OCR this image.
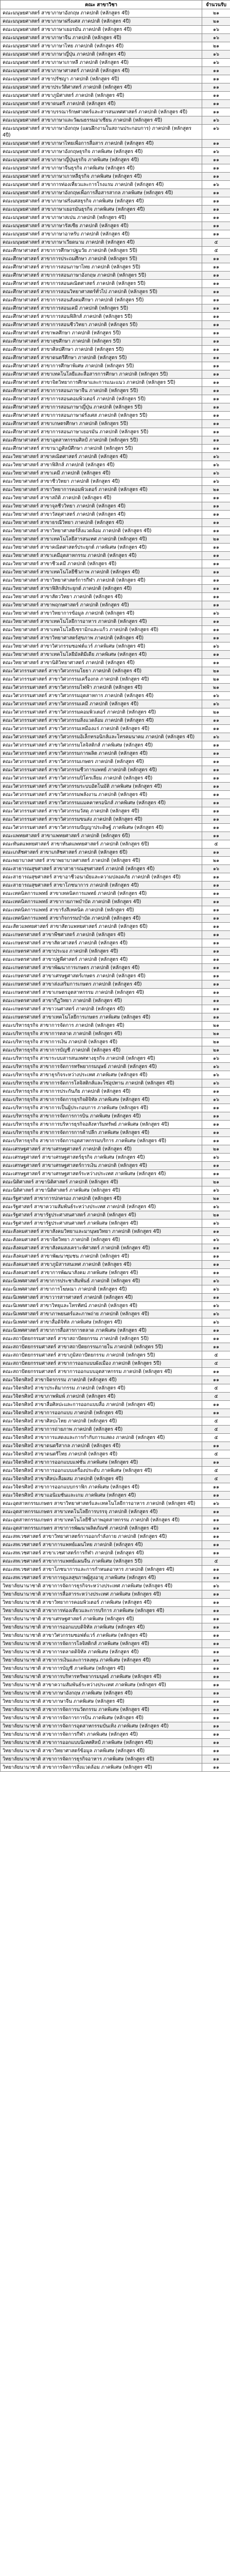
คณะ สาขาวิชา	จำนวนรับ
คณะมนุษยศาสตร์ สาขาภาษาอังกฤษ ภาคปกติ (หลักสูตร 4ปี)	๒๑
คณะมนุษยศาสตร์ สาขาภาษาฝรั่งเศส ภาคปกติ (หลักสูตร 4ปี)	๒๑
คณะมนุษยศาสตร์ สาขาภาษาเยอรมัน ภาคปกติ (หลักสูตร 4ปี)	๑๖
คณะมนุษยศาสตร์ สาขาภาษาจีน ภาคปกติ (หลักสูตร 4ปี)	๑๖
คณะมนุษยศาสตร์ สาขาภาษาไทย ภาคปกติ (หลักสูตร 4ปี)	๒๑
คณะมนุษยศาสตร์ สาขาภาษาญี่ปุ่น ภาคปกติ (หลักสูตร 4ปี)	๑๖
คณะมนุษยศาสตร์ สาขาภาษาเกาหลี ภาคปกติ (หลักสูตร 4ปี)	๑๖
คณะมนุษยศาสตร์ สาขาภาษาศาสตร์ ภาคปกติ (หลักสูตร 4ปี)	๑๑
คณะมนุษยศาสตร์ สาขาปรัชญา ภาคปกติ (หลักสูตร 4ปี)	๑๑
คณะมนุษยศาสตร์ สาขาประวัติศาสตร์ ภาคปกติ (หลักสูตร 4ปี)	๑๑
คณะมนุษยศาสตร์ สาขาภูมิศาสตร์ ภาคปกติ (หลักสูตร 4ปี)	๑๑
คณะมนุษยศาสตร์ สาขาดนตรี ภาคปกติ (หลักสูตร 4ปี)	๑๑
คณะมนุษยศาสตร์ สาขาบรรณารักษศาสตร์และสารสนเทศศาสตร์ ภาคปกติ (หลักสูตร 4ปี)	๑๑
คณะมนุษยศาสตร์ สาขาภาษาและวัฒนธรรมอาเซียน ภาคปกติ (หลักสูตร 4ปี)	๑๖
คณะมนุษยศาสตร์ สาขาภาษาอังกฤษ (แผนฝึกงานในสถานประกอบการ) ภาคปกติ (หลักสูตร 4ปี)	๑๖
คณะมนุษยศาสตร์ สาขาภาษาไทยเพื่อการสื่อสาร ภาคปกติ (หลักสูตร 4ปี)	๑๑
คณะมนุษยศาสตร์ สาขาภาษาอังกฤษธุรกิจ ภาคพิเศษ (หลักสูตร 4ปี)	๑๖
คณะมนุษยศาสตร์ สาขาภาษาญี่ปุ่นธุรกิจ ภาคพิเศษ (หลักสูตร 4ปี)	๑๑
คณะมนุษยศาสตร์ สาขาภาษาจีนธุรกิจ ภาคพิเศษ (หลักสูตร 4ปี)	๑๑
คณะมนุษยศาสตร์ สาขาภาษาเกาหลีธุรกิจ ภาคพิเศษ (หลักสูตร 4ปี)	๑๑
คณะมนุษยศาสตร์ สาขาการท่องเที่ยวและการโรงแรม ภาคปกติ (หลักสูตร 4ปี)	๑๖
คณะมนุษยศาสตร์ สาขาภาษาอังกฤษเพื่อการสื่อสารสากล ภาคพิเศษ (หลักสูตร 4ปี)	๑๑
คณะมนุษยศาสตร์ สาขาภาษาฝรั่งเศสธุรกิจ ภาคพิเศษ (หลักสูตร 4ปี)	๑๑
คณะมนุษยศาสตร์ สาขาภาษาเยอรมันธุรกิจ ภาคพิเศษ (หลักสูตร 4ปี)	๑๑
คณะมนุษยศาสตร์ สาขาภาษาสเปน ภาคปกติ (หลักสูตร 4ปี)	๑๑
คณะมนุษยศาสตร์ สาขาภาษารัสเซีย ภาคปกติ (หลักสูตร 4ปี)	๑๑
คณะมนุษยศาสตร์ สาขาภาษาอาหรับ ภาคปกติ (หลักสูตร 4ปี)	๑๑
คณะมนุษยศาสตร์ สาขาภาษาเวียดนาม ภาคปกติ (หลักสูตร 4ปี)	๕
คณะศึกษาศาสตร์ สาขาการศึกษาปฐมวัย ภาคปกติ (หลักสูตร 5ปี)	๕
คณะศึกษาศาสตร์ สาขาการประถมศึกษา ภาคปกติ (หลักสูตร 5ปี)	๑๑
คณะศึกษาศาสตร์ สาขาการสอนภาษาไทย ภาคปกติ (หลักสูตร 5ปี)	๑๑
คณะศึกษาศาสตร์ สาขาการสอนภาษาอังกฤษ ภาคปกติ (หลักสูตร 5ปี)	๑๑
คณะศึกษาศาสตร์ สาขาการสอนคณิตศาสตร์ ภาคปกติ (หลักสูตร 5ปี)	๑๑
คณะศึกษาศาสตร์ สาขาการสอนวิทยาศาสตร์ทั่วไป ภาคปกติ (หลักสูตร 5ปี)	๑๑
คณะศึกษาศาสตร์ สาขาการสอนสังคมศึกษา ภาคปกติ (หลักสูตร 5ปี)	๑๑
คณะศึกษาศาสตร์ สาขาการสอนเคมี ภาคปกติ (หลักสูตร 5ปี)	๑๑
คณะศึกษาศาสตร์ สาขาการสอนฟิสิกส์ ภาคปกติ (หลักสูตร 5ปี)	๑๑
คณะศึกษาศาสตร์ สาขาการสอนชีววิทยา ภาคปกติ (หลักสูตร 5ปี)	๑๑
คณะศึกษาศาสตร์ สาขาพลศึกษา ภาคปกติ (หลักสูตร 5ปี)	๑๑
คณะศึกษาศาสตร์ สาขาสุขศึกษา ภาคปกติ (หลักสูตร 5ปี)	๑๑
คณะศึกษาศาสตร์ สาขาศิลปศึกษา ภาคปกติ (หลักสูตร 5ปี)	๑๑
คณะศึกษาศาสตร์ สาขาดนตรีศึกษา ภาคปกติ (หลักสูตร 5ปี)	๑๑
คณะศึกษาศาสตร์ สาขาการศึกษาพิเศษ ภาคปกติ (หลักสูตร 5ปี)	๑๑
คณะศึกษาศาสตร์ สาขาเทคโนโลยีและสื่อสารการศึกษา ภาคปกติ (หลักสูตร 5ปี)	๑๑
คณะศึกษาศาสตร์ สาขาจิตวิทยาการศึกษาและการแนะแนว ภาคปกติ (หลักสูตร 5ปี)	๑๑
คณะศึกษาศาสตร์ สาขาการสอนภาษาจีน ภาคปกติ (หลักสูตร 5ปี)	๑๑
คณะศึกษาศาสตร์ สาขาการสอนคอมพิวเตอร์ ภาคปกติ (หลักสูตร 5ปี)	๑๑
คณะศึกษาศาสตร์ สาขาการสอนภาษาญี่ปุ่น ภาคปกติ (หลักสูตร 5ปี)	๑๑
คณะศึกษาศาสตร์ สาขาการสอนภาษาฝรั่งเศส ภาคปกติ (หลักสูตร 5ปี)	๑๑
คณะศึกษาศาสตร์ สาขาเกษตรศึกษา ภาคปกติ (หลักสูตร 5ปี)	๑๑
คณะศึกษาศาสตร์ สาขาการสอนภาษาเยอรมัน ภาคปกติ (หลักสูตร 5ปี)	๑๑
คณะศึกษาศาสตร์ สาขาอุตสาหกรรมศิลป์ ภาคปกติ (หลักสูตร 5ปี)	๑๑
คณะศึกษาศาสตร์ สาขานาฏศิลป์ศึกษา ภาคปกติ (หลักสูตร 5ปี)	๑๑
คณะวิทยาศาสตร์ สาขาคณิตศาสตร์ ภาคปกติ (หลักสูตร 4ปี)	๑๖
คณะวิทยาศาสตร์ สาขาฟิสิกส์ ภาคปกติ (หลักสูตร 4ปี)	๑๖
คณะวิทยาศาสตร์ สาขาเคมี ภาคปกติ (หลักสูตร 4ปี)	๑๖
คณะวิทยาศาสตร์ สาขาชีววิทยา ภาคปกติ (หลักสูตร 4ปี)	๑๖
คณะวิทยาศาสตร์ สาขาวิทยาการคอมพิวเตอร์ ภาคปกติ (หลักสูตร 4ปี)	๒๑
คณะวิทยาศาสตร์ สาขาสถิติ ภาคปกติ (หลักสูตร 4ปี)	๑๑
คณะวิทยาศาสตร์ สาขาจุลชีววิทยา ภาคปกติ (หลักสูตร 4ปี)	๑๑
คณะวิทยาศาสตร์ สาขาวัสดุศาสตร์ ภาคปกติ (หลักสูตร 4ปี)	๑๑
คณะวิทยาศาสตร์ สาขาธรณีวิทยา ภาคปกติ (หลักสูตร 4ปี)	๑๑
คณะวิทยาศาสตร์ สาขาวิทยาศาสตร์สิ่งแวดล้อม ภาคปกติ (หลักสูตร 4ปี)	๑๑
คณะวิทยาศาสตร์ สาขาเทคโนโลยีสารสนเทศ ภาคปกติ (หลักสูตร 4ปี)	๒๑
คณะวิทยาศาสตร์ สาขาคณิตศาสตร์ประยุกต์ ภาคพิเศษ (หลักสูตร 4ปี)	๑๑
คณะวิทยาศาสตร์ สาขาเคมีอุตสาหกรรม ภาคปกติ (หลักสูตร 4ปี)	๑๑
คณะวิทยาศาสตร์ สาขาชีวเคมี ภาคปกติ (หลักสูตร 4ปี)	๑๑
คณะวิทยาศาสตร์ สาขาเทคโนโลยีชีวภาพ ภาคปกติ (หลักสูตร 4ปี)	๑๑
คณะวิทยาศาสตร์ สาขาวิทยาศาสตร์การกีฬา ภาคปกติ (หลักสูตร 4ปี)	๑๑
คณะวิทยาศาสตร์ สาขาฟิสิกส์ประยุกต์ ภาคปกติ (หลักสูตร 4ปี)	๑๑
คณะวิทยาศาสตร์ สาขาสัตววิทยา ภาคปกติ (หลักสูตร 4ปี)	๑๑
คณะวิทยาศาสตร์ สาขาพฤกษศาสตร์ ภาคปกติ (หลักสูตร 4ปี)	๑๑
คณะวิทยาศาสตร์ สาขาวิทยาการข้อมูล ภาคปกติ (หลักสูตร 4ปี)	๑๖
คณะวิทยาศาสตร์ สาขาเทคโนโลยีการอาหาร ภาคปกติ (หลักสูตร 4ปี)	๑๑
คณะวิทยาศาสตร์ สาขาเทคโนโลยีเซรามิกและแก้ว ภาคปกติ (หลักสูตร 4ปี)	๑๑
คณะวิทยาศาสตร์ สาขาวิทยาศาสตร์สุขภาพ ภาคปกติ (หลักสูตร 4ปี)	๑๑
คณะวิทยาศาสตร์ สาขาวิศวกรรมซอฟต์แวร์ ภาคพิเศษ (หลักสูตร 4ปี)	๑๖
คณะวิทยาศาสตร์ สาขาเทคโนโลยีมัลติมีเดีย ภาคพิเศษ (หลักสูตร 4ปี)	๑๑
คณะวิทยาศาสตร์ สาขานิติวิทยาศาสตร์ ภาคปกติ (หลักสูตร 4ปี)	๑๑
คณะวิศวกรรมศาสตร์ สาขาวิศวกรรมโยธา ภาคปกติ (หลักสูตร 4ปี)	๒๑
คณะวิศวกรรมศาสตร์ สาขาวิศวกรรมเครื่องกล ภาคปกติ (หลักสูตร 4ปี)	๒๑
คณะวิศวกรรมศาสตร์ สาขาวิศวกรรมไฟฟ้า ภาคปกติ (หลักสูตร 4ปี)	๒๑
คณะวิศวกรรมศาสตร์ สาขาวิศวกรรมอุตสาหการ ภาคปกติ (หลักสูตร 4ปี)	๑๖
คณะวิศวกรรมศาสตร์ สาขาวิศวกรรมเคมี ภาคปกติ (หลักสูตร 4ปี)	๑๖
คณะวิศวกรรมศาสตร์ สาขาวิศวกรรมคอมพิวเตอร์ ภาคปกติ (หลักสูตร 4ปี)	๒๑
คณะวิศวกรรมศาสตร์ สาขาวิศวกรรมสิ่งแวดล้อม ภาคปกติ (หลักสูตร 4ปี)	๑๑
คณะวิศวกรรมศาสตร์ สาขาวิศวกรรมเหมืองแร่ ภาคปกติ (หลักสูตร 4ปี)	๑๑
คณะวิศวกรรมศาสตร์ สาขาวิศวกรรมอิเล็กทรอนิกส์และโทรคมนาคม ภาคปกติ (หลักสูตร 4ปี)	๑๖
คณะวิศวกรรมศาสตร์ สาขาวิศวกรรมโลจิสติกส์ ภาคพิเศษ (หลักสูตร 4ปี)	๑๑
คณะวิศวกรรมศาสตร์ สาขาวิศวกรรมการผลิต ภาคปกติ (หลักสูตร 4ปี)	๑๑
คณะวิศวกรรมศาสตร์ สาขาวิศวกรรมเกษตร ภาคปกติ (หลักสูตร 4ปี)	๑๑
คณะวิศวกรรมศาสตร์ สาขาวิศวกรรมชีวการแพทย์ ภาคปกติ (หลักสูตร 4ปี)	๑๑
คณะวิศวกรรมศาสตร์ สาขาวิศวกรรมปิโตรเลียม ภาคปกติ (หลักสูตร 4ปี)	๑๑
คณะวิศวกรรมศาสตร์ สาขาวิศวกรรมระบบอัตโนมัติ ภาคพิเศษ (หลักสูตร 4ปี)	๑๑
คณะวิศวกรรมศาสตร์ สาขาวิศวกรรมพลังงาน ภาคปกติ (หลักสูตร 4ปี)	๑๑
คณะวิศวกรรมศาสตร์ สาขาวิศวกรรมแมคคาทรอนิกส์ ภาคพิเศษ (หลักสูตร 4ปี)	๑๑
คณะวิศวกรรมศาสตร์ สาขาวิศวกรรมวัสดุ ภาคปกติ (หลักสูตร 4ปี)	๑๑
คณะวิศวกรรมศาสตร์ สาขาวิศวกรรมขนส่ง ภาคปกติ (หลักสูตร 4ปี)	๑๑
คณะวิศวกรรมศาสตร์ สาขาวิศวกรรมปัญญาประดิษฐ์ ภาคพิเศษ (หลักสูตร 4ปี)	๑๑
คณะแพทยศาสตร์ สาขาแพทยศาสตร์ ภาคปกติ (หลักสูตร 6ปี)	๑๑
คณะทันตแพทยศาสตร์ สาขาทันตแพทยศาสตร์ ภาคปกติ (หลักสูตร 6ปี)	๕
คณะเภสัชศาสตร์ สาขาเภสัชศาสตร์ ภาคปกติ (หลักสูตร 6ปี)	๑๑
คณะพยาบาลศาสตร์ สาขาพยาบาลศาสตร์ ภาคปกติ (หลักสูตร 4ปี)	๒๑
คณะสาธารณสุขศาสตร์ สาขาสาธารณสุขศาสตร์ ภาคปกติ (หลักสูตร 4ปี)	๑๖
คณะสาธารณสุขศาสตร์ สาขาอาชีวอนามัยและความปลอดภัย ภาคปกติ (หลักสูตร 4ปี)	๑๑
คณะสาธารณสุขศาสตร์ สาขาโภชนาการ ภาคปกติ (หลักสูตร 4ปี)	๑๑
คณะเทคนิคการแพทย์ สาขาเทคนิคการแพทย์ ภาคปกติ (หลักสูตร 4ปี)	๑๑
คณะเทคนิคการแพทย์ สาขากายภาพบำบัด ภาคปกติ (หลักสูตร 4ปี)	๑๑
คณะเทคนิคการแพทย์ สาขารังสีเทคนิค ภาคปกติ (หลักสูตร 4ปี)	๑๑
คณะเทคนิคการแพทย์ สาขากิจกรรมบำบัด ภาคปกติ (หลักสูตร 4ปี)	๑๑
คณะสัตวแพทยศาสตร์ สาขาสัตวแพทยศาสตร์ ภาคปกติ (หลักสูตร 6ปี)	๑๑
คณะเกษตรศาสตร์ สาขาพืชศาสตร์ ภาคปกติ (หลักสูตร 4ปี)	๑๑
คณะเกษตรศาสตร์ สาขาสัตวศาสตร์ ภาคปกติ (หลักสูตร 4ปี)	๑๑
คณะเกษตรศาสตร์ สาขาประมง ภาคปกติ (หลักสูตร 4ปี)	๑๑
คณะเกษตรศาสตร์ สาขาปฐพีศาสตร์ ภาคปกติ (หลักสูตร 4ปี)	๑๑
คณะเกษตรศาสตร์ สาขาพัฒนาการเกษตร ภาคปกติ (หลักสูตร 4ปี)	๑๑
คณะเกษตรศาสตร์ สาขาเศรษฐศาสตร์เกษตร ภาคปกติ (หลักสูตร 4ปี)	๑๑
คณะเกษตรศาสตร์ สาขาส่งเสริมการเกษตร ภาคปกติ (หลักสูตร 4ปี)	๑๑
คณะเกษตรศาสตร์ สาขาเกษตรอุตสาหกรรม ภาคปกติ (หลักสูตร 4ปี)	๑๑
คณะเกษตรศาสตร์ สาขากีฏวิทยา ภาคปกติ (หลักสูตร 4ปี)	๑๑
คณะเกษตรศาสตร์ สาขาวนศาสตร์ ภาคปกติ (หลักสูตร 4ปี)	๑๑
คณะเกษตรศาสตร์ สาขาเทคโนโลยีการเกษตร ภาคพิเศษ (หลักสูตร 4ปี)	๑๑
คณะบริหารธุรกิจ สาขาการจัดการ ภาคปกติ (หลักสูตร 4ปี)	๒๑
คณะบริหารธุรกิจ สาขาการตลาด ภาคปกติ (หลักสูตร 4ปี)	๒๑
คณะบริหารธุรกิจ สาขาการเงิน ภาคปกติ (หลักสูตร 4ปี)	๒๑
คณะบริหารธุรกิจ สาขาการบัญชี ภาคปกติ (หลักสูตร 4ปี)	๒๑
คณะบริหารธุรกิจ สาขาระบบสารสนเทศทางธุรกิจ ภาคปกติ (หลักสูตร 4ปี)	๑๖
คณะบริหารธุรกิจ สาขาการจัดการทรัพยากรมนุษย์ ภาคปกติ (หลักสูตร 4ปี)	๑๖
คณะบริหารธุรกิจ สาขาธุรกิจระหว่างประเทศ ภาคพิเศษ (หลักสูตร 4ปี)	๑๖
คณะบริหารธุรกิจ สาขาการจัดการโลจิสติกส์และโซ่อุปทาน ภาคปกติ (หลักสูตร 4ปี)	๑๖
คณะบริหารธุรกิจ สาขาการประกันภัย ภาคปกติ (หลักสูตร 4ปี)	๑๑
คณะบริหารธุรกิจ สาขาการจัดการธุรกิจดิจิทัล ภาคพิเศษ (หลักสูตร 4ปี)	๑๖
คณะบริหารธุรกิจ สาขาการเป็นผู้ประกอบการ ภาคพิเศษ (หลักสูตร 4ปี)	๑๑
คณะบริหารธุรกิจ สาขาการจัดการการบิน ภาคพิเศษ (หลักสูตร 4ปี)	๑๑
คณะบริหารธุรกิจ สาขาการบริหารธุรกิจอสังหาริมทรัพย์ ภาคพิเศษ (หลักสูตร 4ปี)	๑๑
คณะบริหารธุรกิจ สาขาการจัดการการค้าปลีก ภาคพิเศษ (หลักสูตร 4ปี)	๑๑
คณะบริหารธุรกิจ สาขาการจัดการอุตสาหกรรมบริการ ภาคพิเศษ (หลักสูตร 4ปี)	๑๑
คณะเศรษฐศาสตร์ สาขาเศรษฐศาสตร์ ภาคปกติ (หลักสูตร 4ปี)	๒๑
คณะเศรษฐศาสตร์ สาขาเศรษฐศาสตร์ธุรกิจ ภาคพิเศษ (หลักสูตร 4ปี)	๑๖
คณะเศรษฐศาสตร์ สาขาเศรษฐศาสตร์การเงิน ภาคปกติ (หลักสูตร 4ปี)	๑๑
คณะเศรษฐศาสตร์ สาขาเศรษฐศาสตร์ระหว่างประเทศ ภาคพิเศษ (หลักสูตร 4ปี)	๑๑
คณะนิติศาสตร์ สาขานิติศาสตร์ ภาคปกติ (หลักสูตร 4ปี)	๒๑
คณะนิติศาสตร์ สาขานิติศาสตร์ ภาคพิเศษ (หลักสูตร 4ปี)	๑๖
คณะรัฐศาสตร์ สาขาการปกครอง ภาคปกติ (หลักสูตร 4ปี)	๒๑
คณะรัฐศาสตร์ สาขาความสัมพันธ์ระหว่างประเทศ ภาคปกติ (หลักสูตร 4ปี)	๑๖
คณะรัฐศาสตร์ สาขารัฐประศาสนศาสตร์ ภาคปกติ (หลักสูตร 4ปี)	๒๑
คณะรัฐศาสตร์ สาขารัฐประศาสนศาสตร์ ภาคพิเศษ (หลักสูตร 4ปี)	๑๖
คณะสังคมศาสตร์ สาขาสังคมวิทยาและมานุษยวิทยา ภาคปกติ (หลักสูตร 4ปี)	๑๑
คณะสังคมศาสตร์ สาขาจิตวิทยา ภาคปกติ (หลักสูตร 4ปี)	๑๖
คณะสังคมศาสตร์ สาขาสังคมสงเคราะห์ศาสตร์ ภาคปกติ (หลักสูตร 4ปี)	๑๑
คณะสังคมศาสตร์ สาขาพัฒนาชุมชน ภาคปกติ (หลักสูตร 4ปี)	๑๑
คณะสังคมศาสตร์ สาขาภูมิสารสนเทศ ภาคปกติ (หลักสูตร 4ปี)	๑๑
คณะสังคมศาสตร์ สาขาการพัฒนาสังคม ภาคพิเศษ (หลักสูตร 4ปี)	๑๑
คณะนิเทศศาสตร์ สาขาการประชาสัมพันธ์ ภาคปกติ (หลักสูตร 4ปี)	๑๖
คณะนิเทศศาสตร์ สาขาการโฆษณา ภาคปกติ (หลักสูตร 4ปี)	๑๖
คณะนิเทศศาสตร์ สาขาวารสารศาสตร์ ภาคปกติ (หลักสูตร 4ปี)	๑๑
คณะนิเทศศาสตร์ สาขาวิทยุและโทรทัศน์ ภาคปกติ (หลักสูตร 4ปี)	๑๖
คณะนิเทศศาสตร์ สาขาภาพยนตร์และภาพถ่าย ภาคปกติ (หลักสูตร 4ปี)	๑๖
คณะนิเทศศาสตร์ สาขาสื่อดิจิทัล ภาคพิเศษ (หลักสูตร 4ปี)	๑๖
คณะนิเทศศาสตร์ สาขาการสื่อสารการตลาด ภาคพิเศษ (หลักสูตร 4ปี)	๑๑
คณะสถาปัตยกรรมศาสตร์ สาขาสถาปัตยกรรม ภาคปกติ (หลักสูตร 5ปี)	๑๑
คณะสถาปัตยกรรมศาสตร์ สาขาสถาปัตยกรรมภายใน ภาคปกติ (หลักสูตร 5ปี)	๑๑
คณะสถาปัตยกรรมศาสตร์ สาขาภูมิสถาปัตยกรรม ภาคปกติ (หลักสูตร 5ปี)	๕
คณะสถาปัตยกรรมศาสตร์ สาขาการออกแบบผังเมือง ภาคปกติ (หลักสูตร 5ปี)	๕
คณะสถาปัตยกรรมศาสตร์ สาขาการออกแบบอุตสาหกรรม ภาคปกติ (หลักสูตร 4ปี)	๑๑
คณะวิจิตรศิลป์ สาขาจิตรกรรม ภาคปกติ (หลักสูตร 4ปี)	๑๑
คณะวิจิตรศิลป์ สาขาประติมากรรม ภาคปกติ (หลักสูตร 4ปี)	๕
คณะวิจิตรศิลป์ สาขาภาพพิมพ์ ภาคปกติ (หลักสูตร 4ปี)	๕
คณะวิจิตรศิลป์ สาขาสื่อศิลปะและการออกแบบสื่อ ภาคปกติ (หลักสูตร 4ปี)	๑๑
คณะวิจิตรศิลป์ สาขาการออกแบบ ภาคปกติ (หลักสูตร 4ปี)	๑๑
คณะวิจิตรศิลป์ สาขาศิลปะไทย ภาคปกติ (หลักสูตร 4ปี)	๕
คณะวิจิตรศิลป์ สาขาการถ่ายภาพ ภาคปกติ (หลักสูตร 4ปี)	๕
คณะวิจิตรศิลป์ สาขาการแสดงและการกำกับการแสดง ภาคปกติ (หลักสูตร 4ปี)	๕
คณะวิจิตรศิลป์ สาขาดนตรีสากล ภาคปกติ (หลักสูตร 4ปี)	๑๑
คณะวิจิตรศิลป์ สาขาดนตรีไทย ภาคปกติ (หลักสูตร 4ปี)	๕
คณะวิจิตรศิลป์ สาขาการออกแบบแฟชั่น ภาคพิเศษ (หลักสูตร 4ปี)	๑๑
คณะวิจิตรศิลป์ สาขาการออกแบบเครื่องประดับ ภาคพิเศษ (หลักสูตร 4ปี)	๕
คณะวิจิตรศิลป์ สาขาศิลปะสื่อผสม ภาคปกติ (หลักสูตร 4ปี)	๕
คณะวิจิตรศิลป์ สาขาการออกแบบกราฟิก ภาคพิเศษ (หลักสูตร 4ปี)	๑๑
คณะวิจิตรศิลป์ สาขาแอนิเมชันและเกม ภาคพิเศษ (หลักสูตร 4ปี)	๑๑
คณะอุตสาหกรรมเกษตร สาขาวิทยาศาสตร์และเทคโนโลยีการอาหาร ภาคปกติ (หลักสูตร 4ปี)	๑๖
คณะอุตสาหกรรมเกษตร สาขาเทคโนโลยีการบรรจุ ภาคปกติ (หลักสูตร 4ปี)	๑๑
คณะอุตสาหกรรมเกษตร สาขาเทคโนโลยีชีวภาพอุตสาหกรรม ภาคปกติ (หลักสูตร 4ปี)	๑๑
คณะอุตสาหกรรมเกษตร สาขาการพัฒนาผลิตภัณฑ์ ภาคปกติ (หลักสูตร 4ปี)	๑๑
คณะสหเวชศาสตร์ สาขาวิทยาศาสตร์การออกกำลังกาย ภาคปกติ (หลักสูตร 4ปี)	๑๑
คณะสหเวชศาสตร์ สาขาการแพทย์แผนไทย ภาคปกติ (หลักสูตร 4ปี)	๑๑
คณะสหเวชศาสตร์ สาขาเวชศาสตร์การกีฬา ภาคปกติ (หลักสูตร 4ปี)	๑๑
คณะสหเวชศาสตร์ สาขาการแพทย์แผนจีน ภาคพิเศษ (หลักสูตร 5ปี)	๕
คณะสหเวชศาสตร์ สาขาโภชนาการและการกำหนดอาหาร ภาคปกติ (หลักสูตร 4ปี)	๑๑
คณะสหเวชศาสตร์ สาขาการดูแลสุขภาพผู้สูงอายุ ภาคพิเศษ (หลักสูตร 4ปี)	๑๑
วิทยาลัยนานาชาติ สาขาการจัดการธุรกิจระหว่างประเทศ ภาคพิเศษ (หลักสูตร 4ปี)	๑๖
วิทยาลัยนานาชาติ สาขาการสื่อสารระหว่างประเทศ ภาคพิเศษ (หลักสูตร 4ปี)	๑๑
วิทยาลัยนานาชาติ สาขาวิทยาการคอมพิวเตอร์ ภาคพิเศษ (หลักสูตร 4ปี)	๑๑
วิทยาลัยนานาชาติ สาขาการท่องเที่ยวและการบริการ ภาคพิเศษ (หลักสูตร 4ปี)	๑๑
วิทยาลัยนานาชาติ สาขาเศรษฐศาสตร์ ภาคพิเศษ (หลักสูตร 4ปี)	๑๑
วิทยาลัยนานาชาติ สาขาการออกแบบดิจิทัล ภาคพิเศษ (หลักสูตร 4ปี)	๑๑
วิทยาลัยนานาชาติ สาขาวิศวกรรมซอฟต์แวร์ ภาคพิเศษ (หลักสูตร 4ปี)	๑๑
วิทยาลัยนานาชาติ สาขาการจัดการโลจิสติกส์ ภาคพิเศษ (หลักสูตร 4ปี)	๑๑
วิทยาลัยนานาชาติ สาขาการตลาดดิจิทัล ภาคพิเศษ (หลักสูตร 4ปี)	๑๑
วิทยาลัยนานาชาติ สาขาการเงินและการลงทุน ภาคพิเศษ (หลักสูตร 4ปี)	๑๑
วิทยาลัยนานาชาติ สาขาการบัญชี ภาคพิเศษ (หลักสูตร 4ปี)	๑๑
วิทยาลัยนานาชาติ สาขาการบริหารทรัพยากรมนุษย์ ภาคพิเศษ (หลักสูตร 4ปี)	๑๑
วิทยาลัยนานาชาติ สาขาความสัมพันธ์ระหว่างประเทศ ภาคพิเศษ (หลักสูตร 4ปี)	๑๑
วิทยาลัยนานาชาติ สาขาภาษาอังกฤษ ภาคพิเศษ (หลักสูตร 4ปี)	๑๑
วิทยาลัยนานาชาติ สาขาภาษาจีน ภาคพิเศษ (หลักสูตร 4ปี)	๑๑
วิทยาลัยนานาชาติ สาขาการจัดการนวัตกรรม ภาคพิเศษ (หลักสูตร 4ปี)	๑๑
วิทยาลัยนานาชาติ สาขาการจัดการการบิน ภาคพิเศษ (หลักสูตร 4ปี)	๑๑
วิทยาลัยนานาชาติ สาขาการจัดการอุตสาหกรรมบันเทิง ภาคพิเศษ (หลักสูตร 4ปี)	๑๑
วิทยาลัยนานาชาติ สาขาการจัดการกีฬา ภาคพิเศษ (หลักสูตร 4ปี)	๑๑
วิทยาลัยนานาชาติ สาขาการออกแบบนิเทศศิลป์ ภาคพิเศษ (หลักสูตร 4ปี)	๑๑
วิทยาลัยนานาชาติ สาขาวิทยาศาสตร์ข้อมูล ภาคพิเศษ (หลักสูตร 4ปี)	๑๑
วิทยาลัยนานาชาติ สาขาการจัดการธุรกิจอาหาร ภาคพิเศษ (หลักสูตร 4ปี)	๑๑
วิทยาลัยนานาชาติ สาขาการจัดการสิ่งแวดล้อม ภาคพิเศษ (หลักสูตร 4ปี)	๑๑
